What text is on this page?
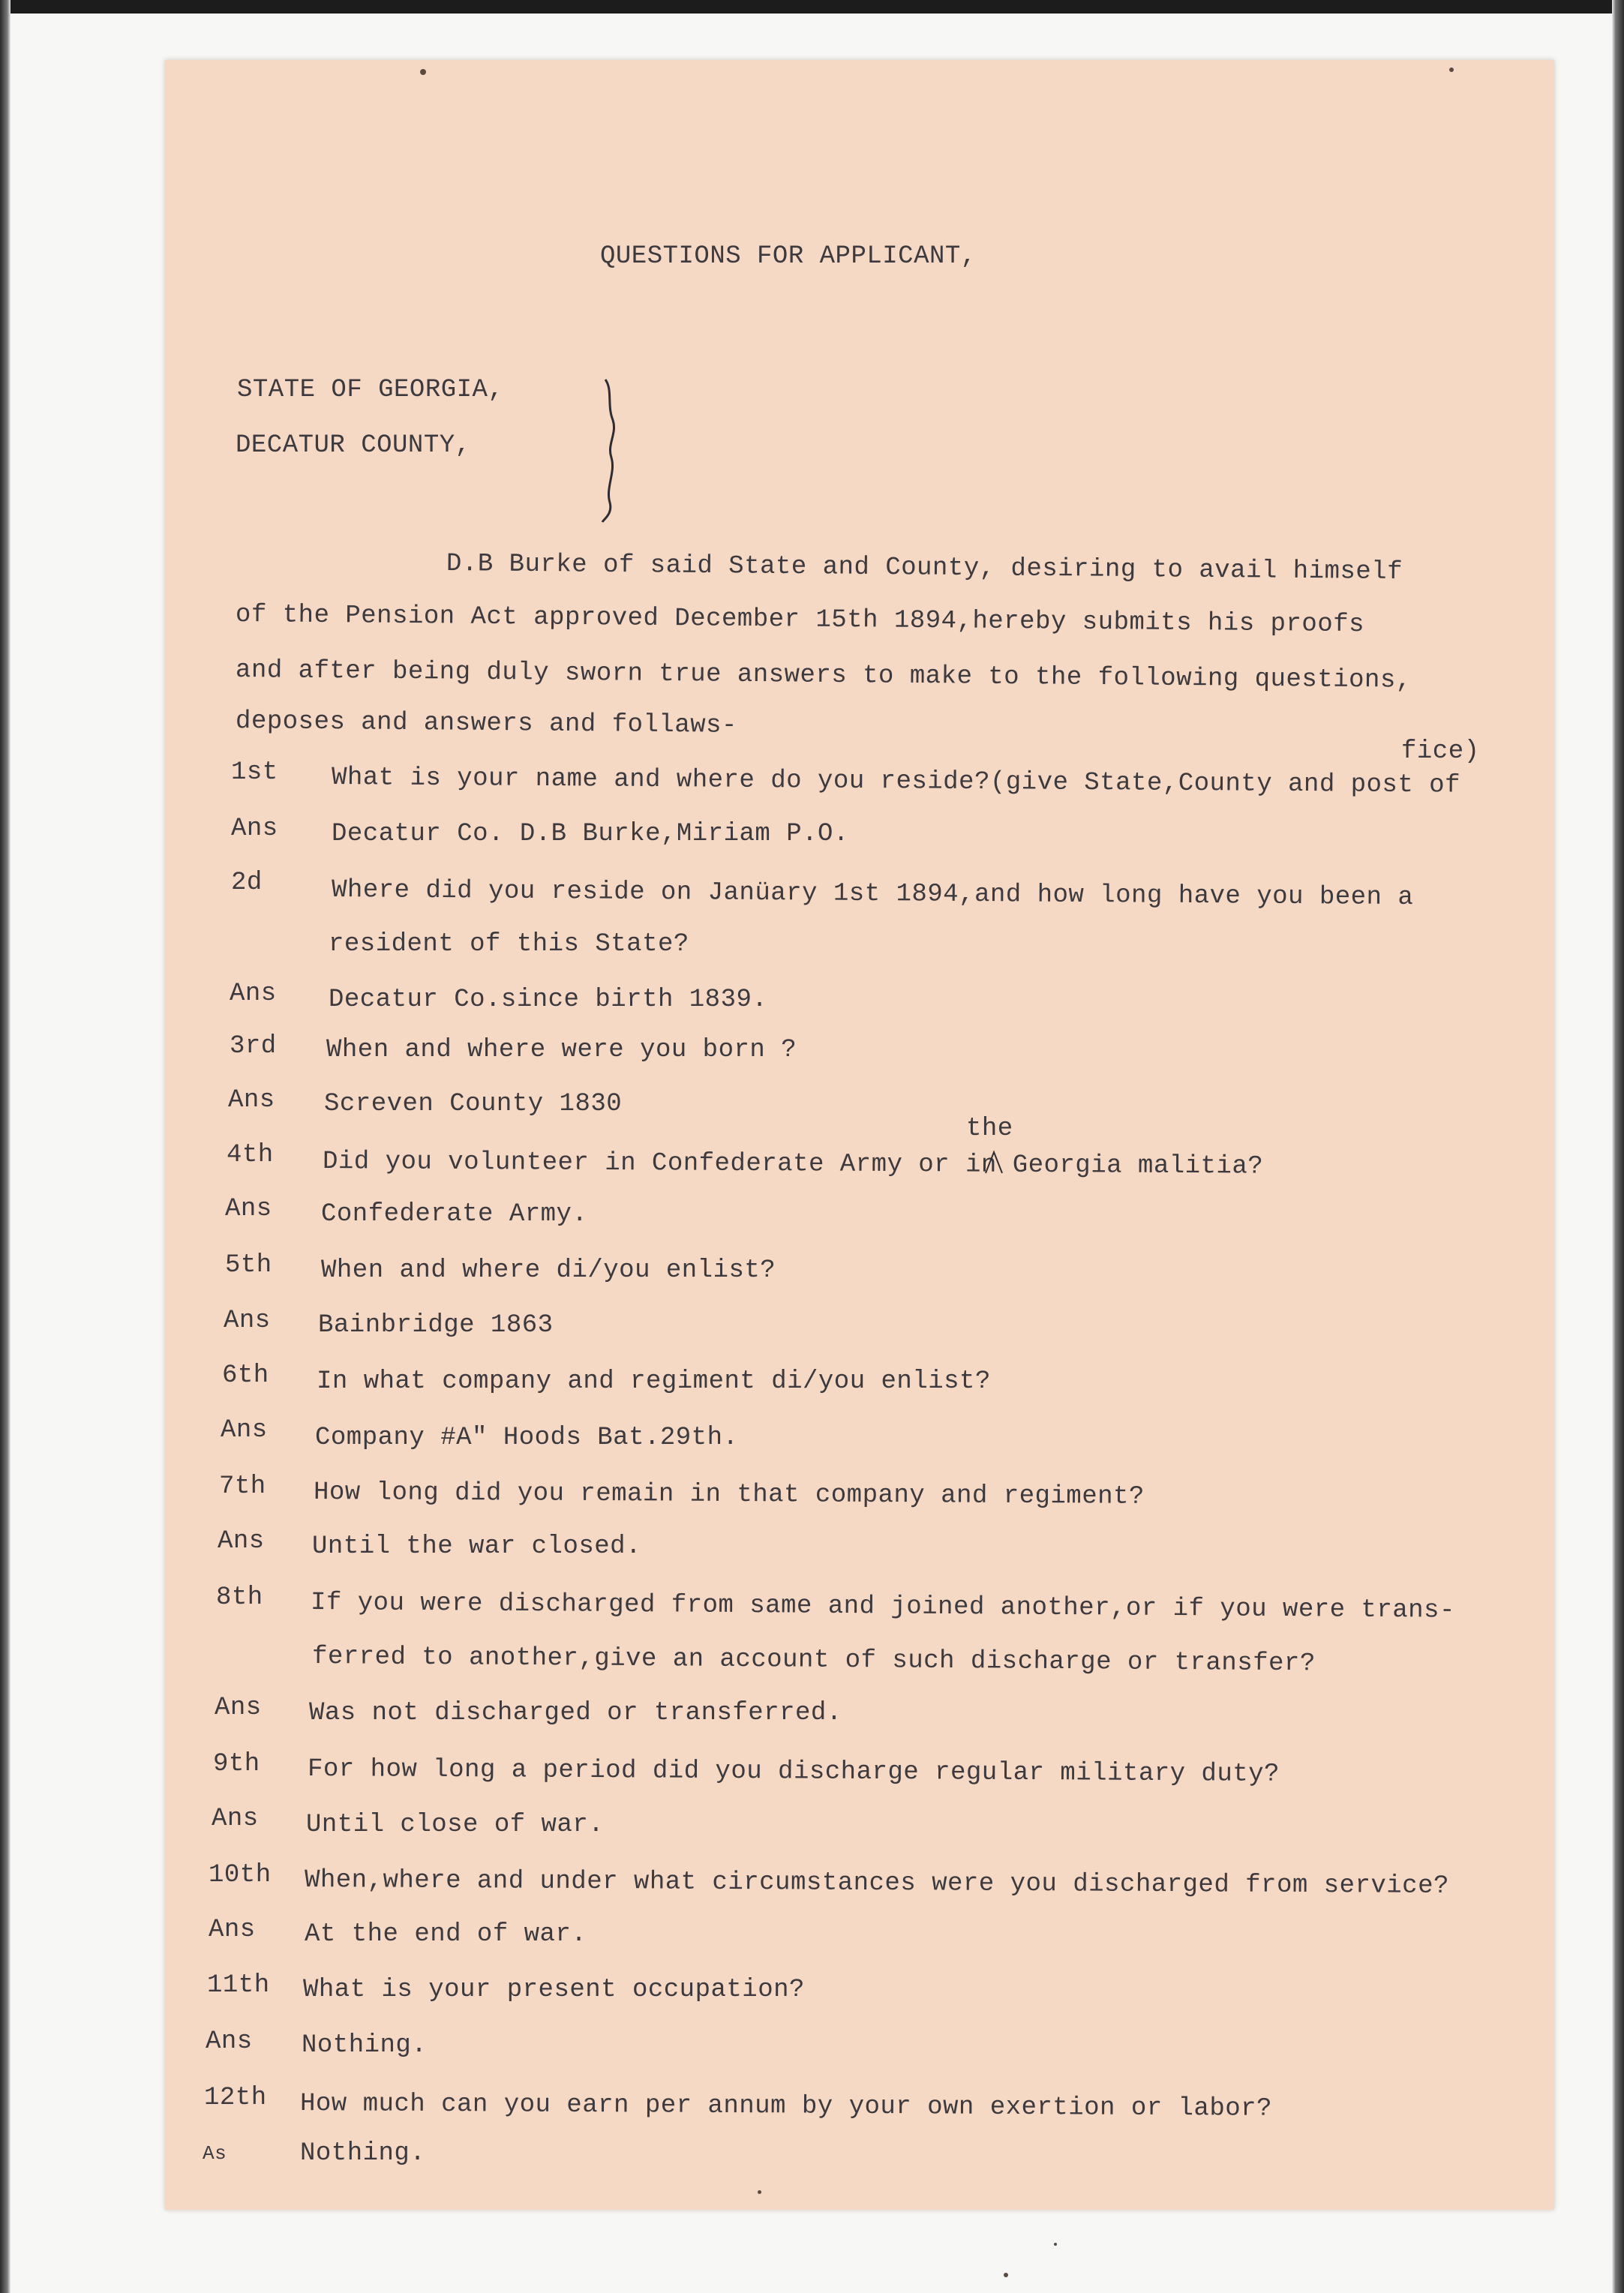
QUESTIONS FOR APPLICANT,
STATE OF GEORGIA,
DECATUR COUNTY,
D.B Burke of said State and County, desiring to avail himself
of the Pension Act approved December 15th 1894,hereby submits his proofs
and after being duly sworn true answers to make to the following questions,
deposes and answers and follaws-
1st What is your name and where do you reside?(give State,County and post of
fice)
Ans Decatur Co. D.B Burke,Miriam P.O.
2d	Where did you reside on Janüary 1st 1894,and how long have you been a
resident of this State?
Ans Decatur Co.since birth 1839.
3rd When and where were you born ?
Ans Screven County 1830
4th Did you volunteer in Confederate Army or in Georgia malitia?
the
Ans Confederate Army.
5th When and where di/you enlist?
Ans Bainbridge 1863
6th In what company and regiment di/you enlist?
Ans Company #A" Hoods Bat.29th.
7th How long did you remain in that company and regiment?
Ans Until the war closed.
8th If you were discharged from same and joined another,or if you were trans-
ferred to another,give an account of such discharge or transfer?
Ans Was not discharged or transferred.
9th For how long a period did you discharge regular military duty?
Ans Until close of war.
10th When,where and under what circumstances were you discharged from service?
Ans At the end of war.
11th What is your present occupation?
Ans Nothing.
12th How much can you earn per annum by your own exertion or labor?
As	Nothing.
